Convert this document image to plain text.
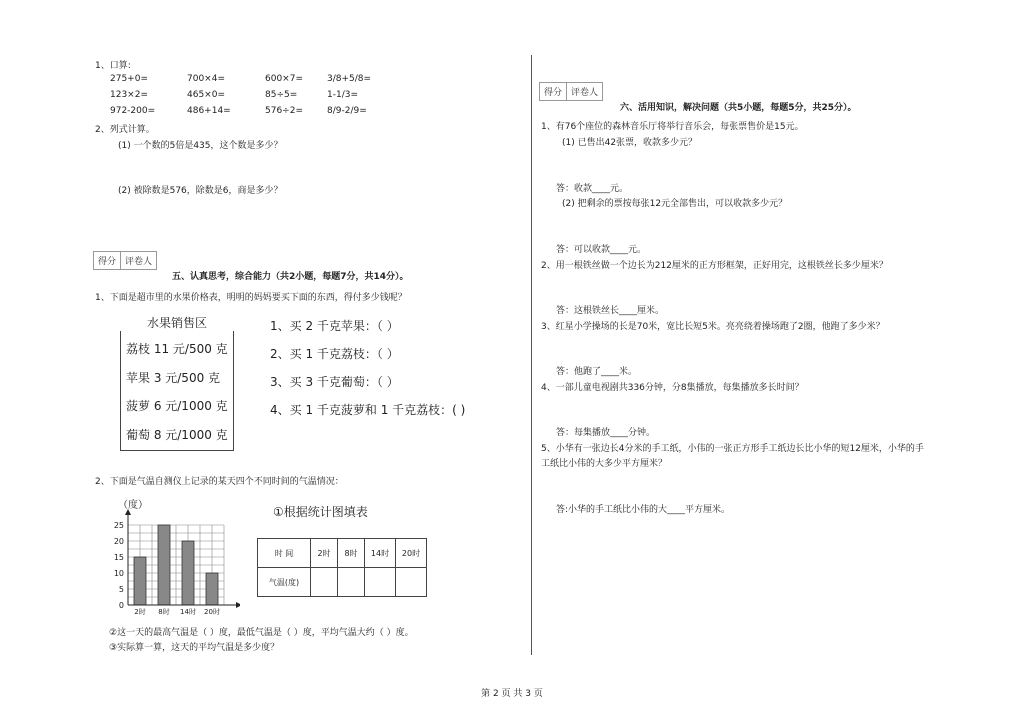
1、口算:
275+0=	700×4=	600×7=	3/8+5/8=
123×2=	465×0=	85÷5=	1-1/3=
972-200=	486+14=	576÷2=	8/9-2/9=
2、列式计算。
(1) 一个数的5倍是435，这个数是多少？
(2) 被除数是576，除数是6，商是多少？
得分	评卷人
五、认真思考，综合能力（共2小题，每题7分，共14分）。
1、下面是超市里的水果价格表，明明的妈妈要买下面的东西，得付多少钱呢？
水果销售区
荔枝 11 元/500 克
苹果 3 元/500 克
菠萝 6 元/1000 克
葡萄 8 元/1000 克
1、买 2 千克苹果：（ ）
2、买 1 千克荔枝：（ ）
3、买 3 千克葡萄：（ ）
4、买 1 千克菠萝和 1 千克荔枝：( )
2、下面是气温自测仪上记录的某天四个不同时间的气温情况：
2时 8时 14时 20时
0
5
10
15
20
25
（度）	①根据统计图填表
时 间	2时	8时	14时	20时
气温(度)				
②这一天的最高气温是（ ）度，最低气温是（ ）度，平均气温大约（ ）度。
③实际算一算，这天的平均气温是多少度？
得分	评卷人
六、活用知识，解决问题（共5小题，每题5分，共25分）。
1、有76个座位的森林音乐厅将举行音乐会，每张票售价是15元。
(1) 已售出42张票，收款多少元？
答：收款____元。
(2) 把剩余的票按每张12元全部售出，可以收款多少元？
答：可以收款____元。
2、用一根铁丝做一个边长为212厘米的正方形框架，正好用完，这根铁丝长多少厘米？
答：这根铁丝长____厘米。
3、红星小学操场的长是70米，宽比长短5米。亮亮绕着操场跑了2圈，他跑了多少米？
答：他跑了____米。
4、一部儿童电视剧共336分钟，分8集播放，每集播放多长时间？
答：每集播放____分钟。
5、小华有一张边长4分米的手工纸，小伟的一张正方形手工纸边长比小华的短12厘米，小华的手
工纸比小伟的大多少平方厘米？
答:小华的手工纸比小伟的大____平方厘米。
第 2 页 共 3 页
